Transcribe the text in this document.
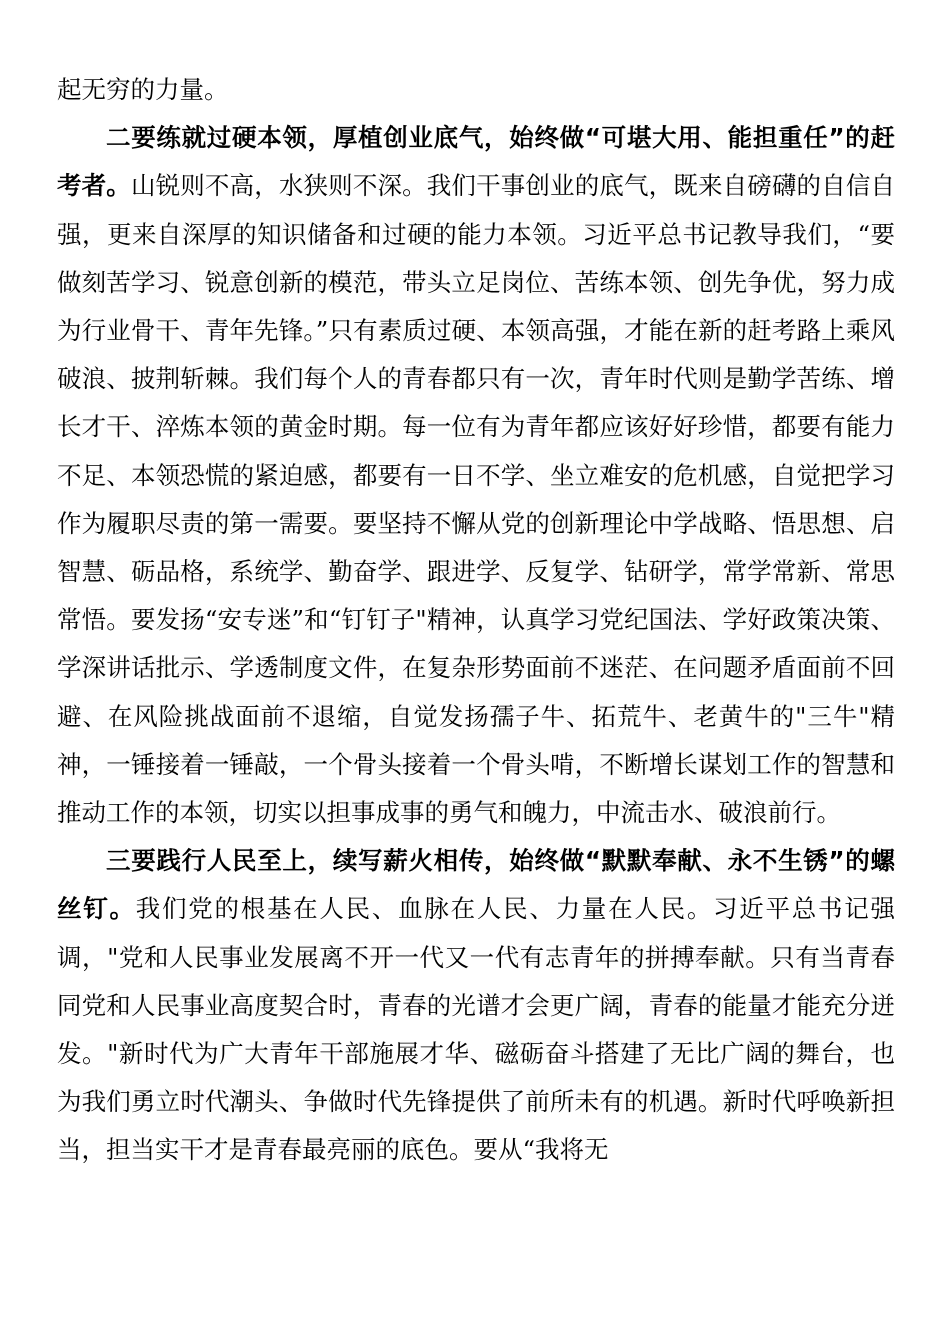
起无穷的力量。

二要练就过硬本领，厚植创业底气，始终做“可堪大用、能担重任”的赶考者。山锐则不高，水狭则不深。我们干事创业的底气，既来自磅礴的自信自强，更来自深厚的知识储备和过硬的能力本领。习近平总书记教导我们，“要做刻苦学习、锐意创新的模范，带头立足岗位、苦练本领、创先争优，努力成为行业骨干、青年先锋。”只有素质过硬、本领高强，才能在新的赶考路上乘风破浪、披荆斩棘。我们每个人的青春都只有一次，青年时代则是勤学苦练、增长才干、淬炼本领的黄金时期。每一位有为青年都应该好好珍惜，都要有能力不足、本领恐慌的紧迫感，都要有一日不学、坐立难安的危机感，自觉把学习作为履职尽责的第一需要。要坚持不懈从党的创新理论中学战略、悟思想、启智慧、砺品格，系统学、勤奋学、跟进学、反复学、钻研学，常学常新、常思常悟。要发扬“安专迷”和“钉钉子"精神，认真学习党纪国法、学好政策决策、学深讲话批示、学透制度文件，在复杂形势面前不迷茫、在问题矛盾面前不回避、在风险挑战面前不退缩，自觉发扬孺子牛、拓荒牛、老黄牛的"三牛"精神，一锤接着一锤敲，一个骨头接着一个骨头啃，不断增长谋划工作的智慧和推动工作的本领，切实以担事成事的勇气和魄力，中流击水、破浪前行。

三要践行人民至上，续写薪火相传，始终做“默默奉献、永不生锈”的螺丝钉。我们党的根基在人民、血脉在人民、力量在人民。习近平总书记强调，"党和人民事业发展离不开一代又一代有志青年的拼搏奉献。只有当青春同党和人民事业高度契合时，青春的光谱才会更广阔，青春的能量才能充分迸发。"新时代为广大青年干部施展才华、磁砺奋斗搭建了无比广阔的舞台，也为我们勇立时代潮头、争做时代先锋提供了前所未有的机遇。新时代呼唤新担当，担当实干才是青春最亮丽的底色。要从“我将无
